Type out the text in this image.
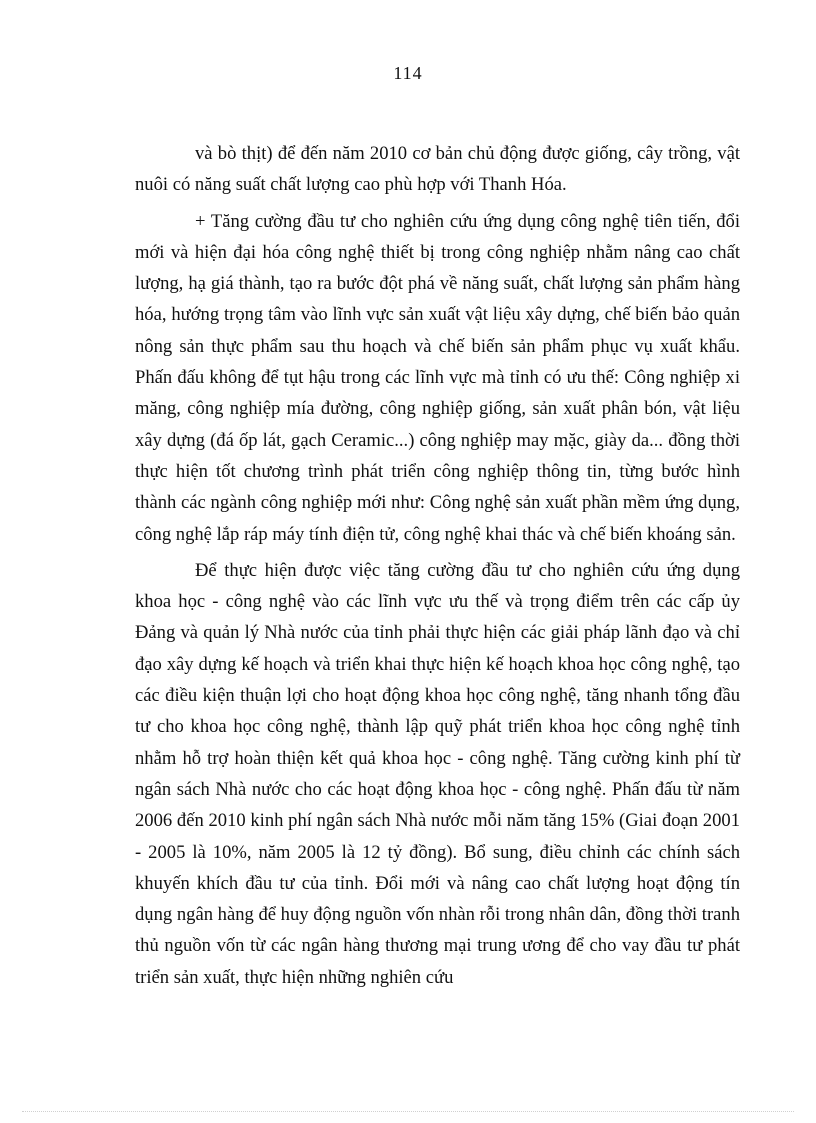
114

và bò thịt) để đến năm 2010 cơ bản chủ động được giống, cây trồng, vật nuôi có năng suất chất lượng cao phù hợp với Thanh Hóa.

+ Tăng cường đầu tư cho nghiên cứu ứng dụng công nghệ tiên tiến, đổi mới và hiện đại hóa công nghệ thiết bị trong công nghiệp nhằm nâng cao chất lượng, hạ giá thành, tạo ra bước đột phá về năng suất, chất lượng sản phẩm hàng hóa, hướng trọng tâm vào lĩnh vực sản xuất vật liệu xây dựng, chế biến bảo quản nông sản thực phẩm sau thu hoạch và chế biến sản phẩm phục vụ xuất khẩu. Phấn đấu không để tụt hậu trong các lĩnh vực mà tỉnh có ưu thế: Công nghiệp xi măng, công nghiệp mía đường, công nghiệp giống, sản xuất phân bón, vật liệu xây dựng (đá ốp lát, gạch Ceramic...) công nghiệp may mặc, giày da... đồng thời thực hiện tốt chương trình phát triển công nghiệp thông tin, từng bước hình thành các ngành công nghiệp mới như: Công nghệ sản xuất phần mềm ứng dụng, công nghệ lắp ráp máy tính điện tử, công nghệ khai thác và chế biến khoáng sản.

Để thực hiện được việc tăng cường đầu tư cho nghiên cứu ứng dụng khoa học - công nghệ vào các lĩnh vực ưu thế và trọng điểm trên các cấp ủy Đảng và quản lý Nhà nước của tỉnh phải thực hiện các giải pháp lãnh đạo và chỉ đạo xây dựng kế hoạch và triển khai thực hiện kế hoạch khoa học công nghệ, tạo các điều kiện thuận lợi cho hoạt động khoa học công nghệ, tăng nhanh tổng đầu tư cho khoa học công nghệ, thành lập quỹ phát triển khoa học công nghệ tỉnh nhằm hỗ trợ hoàn thiện kết quả khoa học - công nghệ. Tăng cường kinh phí từ ngân sách Nhà nước cho các hoạt động khoa học - công nghệ. Phấn đấu từ năm 2006 đến 2010 kinh phí ngân sách Nhà nước mỗi năm tăng 15% (Giai đoạn 2001 - 2005 là 10%, năm 2005 là 12 tỷ đồng). Bổ sung, điều chỉnh các chính sách khuyến khích đầu tư của tỉnh. Đổi mới và nâng cao chất lượng hoạt động tín dụng ngân hàng để huy động nguồn vốn nhàn rỗi trong nhân dân, đồng thời tranh thủ nguồn vốn từ các ngân hàng thương mại trung ương để cho vay đầu tư phát triển sản xuất, thực hiện những nghiên cứu
